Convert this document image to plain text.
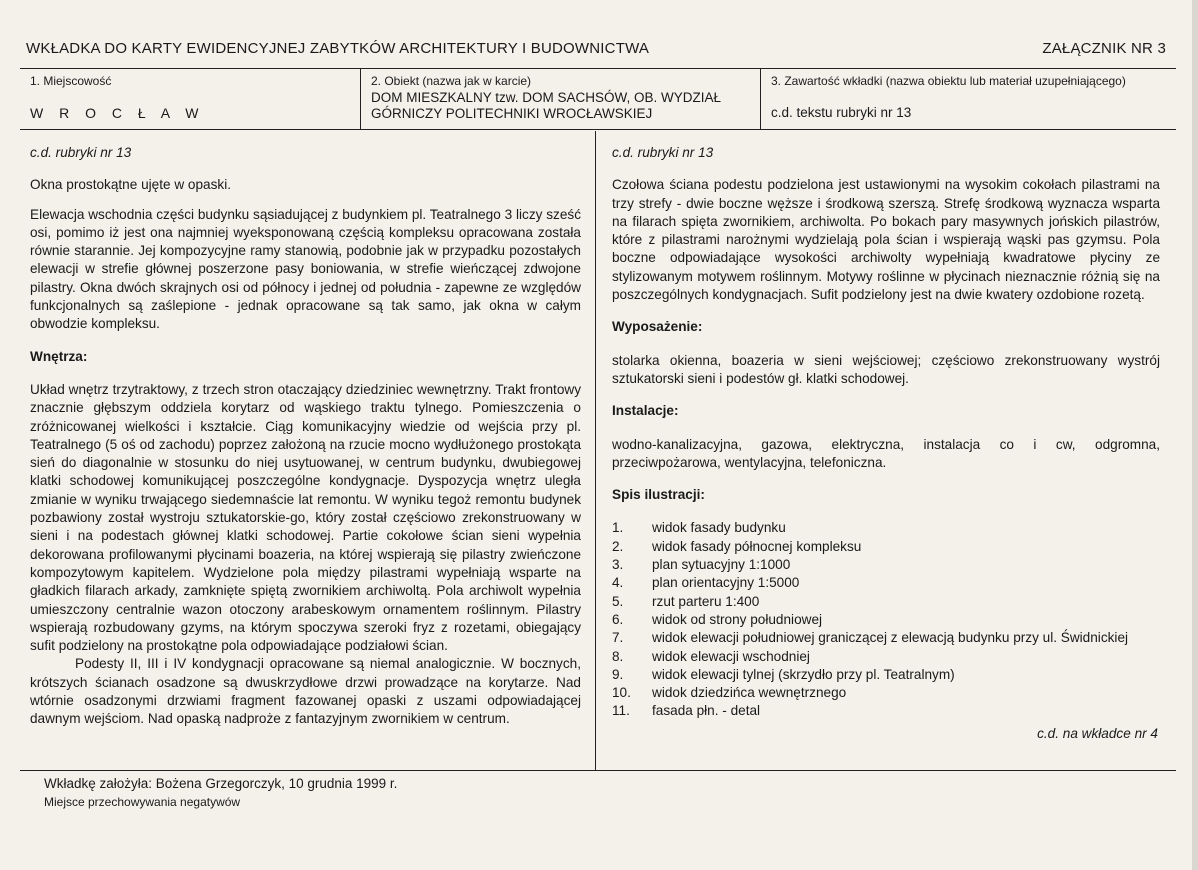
WKŁADKA DO KARTY EWIDENCYJNEJ ZABYTKÓW ARCHITEKTURY I BUDOWNICTWA	ZAŁĄCZNIK NR 3
1. Miejscowość
W R O C Ł A W
2. Obiekt (nazwa jak w karcie)
DOM MIESZKALNY tzw. DOM SACHSÓW, OB. WYDZIAŁ
GÓRNICZY POLITECHNIKI WROCŁAWSKIEJ
3. Zawartość wkładki (nazwa obiektu lub materiał uzupełniającego)
c.d. tekstu rubryki nr 13
c.d. rubryki nr 13

Okna prostokątne ujęte w opaski.

Elewacja wschodnia części budynku sąsiadującej z budynkiem pl. Teatralnego 3 liczy sześć osi, pomimo iż jest ona najmniej wyeksponowaną częścią kompleksu opracowana została równie starannie. Jej kompozycyjne ramy stanowią, podobnie jak w przypadku pozostałych elewacji w strefie głównej poszerzone pasy boniowania, w strefie wieńczącej zdwojone pilastry. Okna dwóch skrajnych osi od północy i jednej od południa - zapewne ze względów funkcjonalnych są zaślepione - jednak opracowane są tak samo, jak okna w całym obwodzie kompleksu.

Wnętrza:

Układ wnętrz trzytraktowy, z trzech stron otaczający dziedziniec wewnętrzny. Trakt frontowy znacznie głębszym oddziela korytarz od wąskiego traktu tylnego. Pomieszczenia o zróżnicowanej wielkości i kształcie. Ciąg komunikacyjny wiedzie od wejścia przy pl. Teatralnego (5 oś od zachodu) poprzez założoną na rzucie mocno wydłużonego prostokąta sień do diagonalnie w stosunku do niej usytuowanej, w centrum budynku, dwubiegowej klatki schodowej komunikującej poszczególne kondygnacje. Dyspozycja wnętrz uległa zmianie w wyniku trwającego siedemnaście lat remontu. W wyniku tegoż remontu budynek pozbawiony został wystroju sztukatorskie-go, który został częściowo zrekonstruowany w sieni i na podestach głównej klatki schodowej. Partie cokołowe ścian sieni wypełnia dekorowana profilowanymi płycinami boazeria, na której wspierają się pilastry zwieńczone kompozytowym kapitelem. Wydzielone pola między pilastrami wypełniają wsparte na gładkich filarach arkady, zamknięte spiętą zwornikiem archiwoltą. Pola archiwolt wypełnia umieszczony centralnie wazon otoczony arabeskowym ornamentem roślinnym. Pilastry wspierają rozbudowany gzyms, na którym spoczywa szeroki fryz z rozetami, obiegający sufit podzielony na prostokątne pola odpowiadające podziałowi ścian.

Podesty II, III i IV kondygnacji opracowane są niemal analogicznie. W bocznych, krótszych ścianach osadzone są dwuskrzydłowe drzwi prowadzące na korytarze. Nad wtórnie osadzonymi drzwiami fragment fazowanej opaski z uszami odpowiadającej dawnym wejściom. Nad opaską nadproże z fantazyjnym zwornikiem w centrum.

c.d. rubryki nr 13

Czołowa ściana podestu podzielona jest ustawionymi na wysokim cokołach pilastrami na trzy strefy - dwie boczne węższe i środkową szerszą. Strefę środkową wyznacza wsparta na filarach spięta zwornikiem, archiwolta. Po bokach pary masywnych jońskich pilastrów, które z pilastrami narożnymi wydzielają pola ścian i wspierają wąski pas gzymsu. Pola boczne odpowiadające wysokości archiwolty wypełniają kwadratowe płyciny ze stylizowanym motywem roślinnym. Motywy roślinne w płycinach nieznacznie różnią się na poszczególnych kondygnacjach. Sufit podzielony jest na dwie kwatery ozdobione rozetą.

Wyposażenie:

stolarka okienna, boazeria w sieni wejściowej; częściowo zrekonstruowany wystrój sztukatorski sieni i podestów gł. klatki schodowej.

Instalacje:

wodno-kanalizacyjna, gazowa, elektryczna, instalacja co i cw, odgromna, przeciwpożarowa, wentylacyjna, telefoniczna.

Spis ilustracji:
1.	widok fasady budynku
2.	widok fasady północnej kompleksu
3.	plan sytuacyjny 1:1000
4.	plan orientacyjny 1:5000
5.	rzut parteru 1:400
6.	widok od strony południowej
7.	widok elewacji południowej graniczącej z elewacją budynku przy ul. Świdnickiej
8.	widok elewacji wschodniej
9.	widok elewacji tylnej (skrzydło przy pl. Teatralnym)
10.	widok dziedzińca wewnętrznego
11.	fasada płn. - detal
c.d. na wkładce nr 4
Wkładkę założyła: Bożena Grzegorczyk, 10 grudnia 1999 r.
Miejsce przechowywania negatywów
